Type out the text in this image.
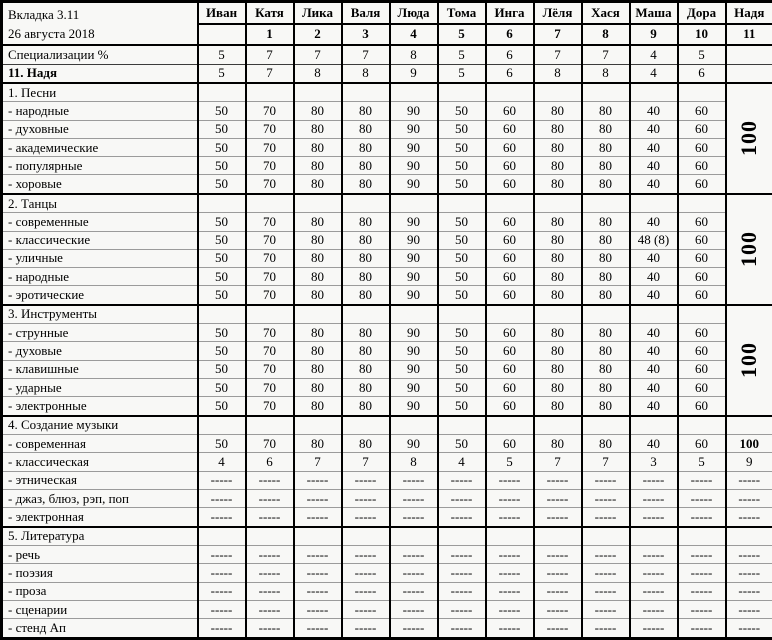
Вкладка 3.11
26 августа 2018	Иван	Катя	Лика	Валя	Люда	Тома	Инга	Лёля	Хася	Маша	Дора	Надя
		1	2	3	4	5	6	7	8	9	10	11
Специализации %	5	7	7	7	8	5	6	7	7	4	5	
11. Надя	5	7	8	8	9	5	6	8	8	4	6	
1. Песни												100
- народные	50	70	80	80	90	50	60	80	80	40	60	
- духовные	50	70	80	80	90	50	60	80	80	40	60	
- академические	50	70	80	80	90	50	60	80	80	40	60	
- популярные	50	70	80	80	90	50	60	80	80	40	60	
- хоровые	50	70	80	80	90	50	60	80	80	40	60	
2. Танцы												100
- современные	50	70	80	80	90	50	60	80	80	40	60	
- классические	50	70	80	80	90	50	60	80	80	48 (8)	60	
- уличные	50	70	80	80	90	50	60	80	80	40	60	
- народные	50	70	80	80	90	50	60	80	80	40	60	
- эротические	50	70	80	80	90	50	60	80	80	40	60	
3. Инструменты												100
- струнные	50	70	80	80	90	50	60	80	80	40	60	
- духовые	50	70	80	80	90	50	60	80	80	40	60	
- клавишные	50	70	80	80	90	50	60	80	80	40	60	
- ударные	50	70	80	80	90	50	60	80	80	40	60	
- электронные	50	70	80	80	90	50	60	80	80	40	60	
4. Создание музыки												
- современная	50	70	80	80	90	50	60	80	80	40	60	100
- классическая	4	6	7	7	8	4	5	7	7	3	5	9
- этническая	-----	-----	-----	-----	-----	-----	-----	-----	-----	-----	-----	-----
- джаз, блюз, рэп, поп	-----	-----	-----	-----	-----	-----	-----	-----	-----	-----	-----	-----
- электронная	-----	-----	-----	-----	-----	-----	-----	-----	-----	-----	-----	-----
5. Литература												
- речь	-----	-----	-----	-----	-----	-----	-----	-----	-----	-----	-----	-----
- поэзия	-----	-----	-----	-----	-----	-----	-----	-----	-----	-----	-----	-----
- проза	-----	-----	-----	-----	-----	-----	-----	-----	-----	-----	-----	-----
- сценарии	-----	-----	-----	-----	-----	-----	-----	-----	-----	-----	-----	-----
- стенд Ап	-----	-----	-----	-----	-----	-----	-----	-----	-----	-----	-----	-----
